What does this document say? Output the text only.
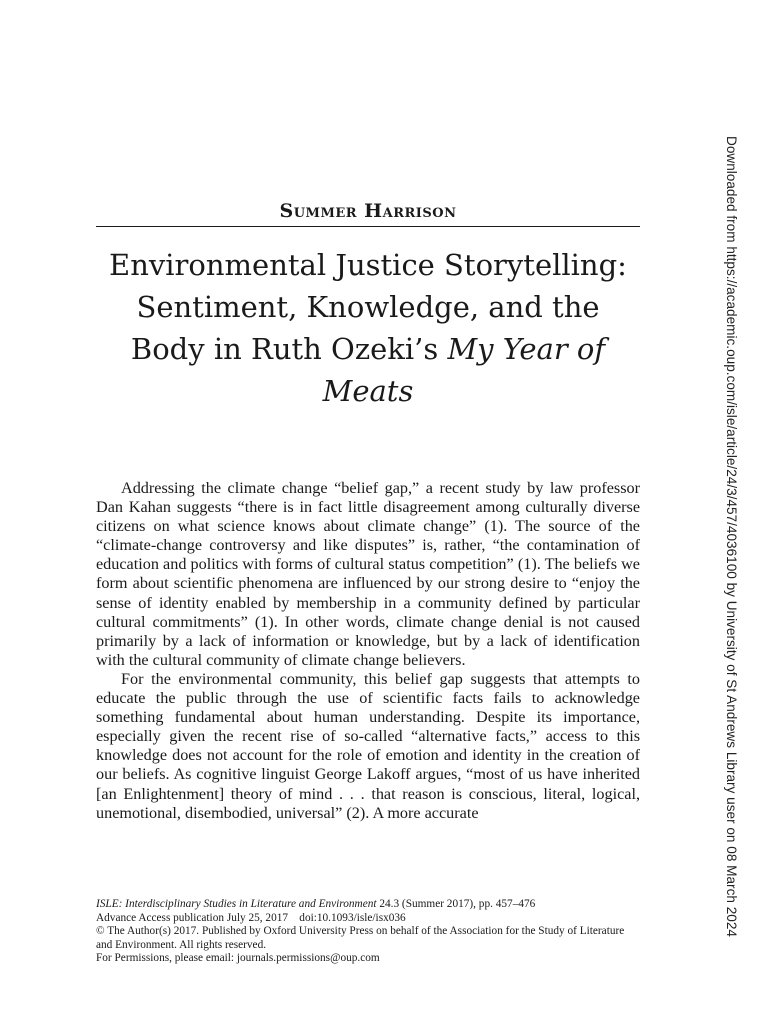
Summer Harrison
Environmental Justice Storytelling: Sentiment, Knowledge, and the Body in Ruth Ozeki’s My Year of Meats

Addressing the climate change “belief gap,” a recent study by law professor Dan Kahan suggests “there is in fact little disagreement among culturally diverse citizens on what science knows about climate change” (1). The source of the “climate-change controversy and like disputes” is, rather, “the contamination of education and politics with forms of cultural status competition” (1). The beliefs we form about scientific phenomena are influenced by our strong desire to “enjoy the sense of identity enabled by membership in a community defined by particular cultural commitments” (1). In other words, climate change denial is not caused primarily by a lack of information or knowledge, but by a lack of identification with the cultural community of climate change believers.

For the environmental community, this belief gap suggests that attempts to educate the public through the use of scientific facts fails to acknowledge something fundamental about human understanding. Despite its importance, especially given the recent rise of so-called “alternative facts,” access to this knowledge does not account for the role of emotion and identity in the creation of our beliefs. As cognitive linguist George Lakoff argues, “most of us have inherited [an Enlightenment] theory of mind . . . that reason is conscious, literal, logical, unemotional, disembodied, universal” (2). A more accurate

ISLE: Interdisciplinary Studies in Literature and Environment 24.3 (Summer 2017), pp. 457–476
Advance Access publication July 25, 2017    doi:10.1093/isle/isx036
© The Author(s) 2017. Published by Oxford University Press on behalf of the Association for the Study of Literature and Environment. All rights reserved.
For Permissions, please email: journals.permissions@oup.com
Downloaded from https://academic.oup.com/isle/article/24/3/457/4036100 by University of St Andrews Library user on 08 March 2024
